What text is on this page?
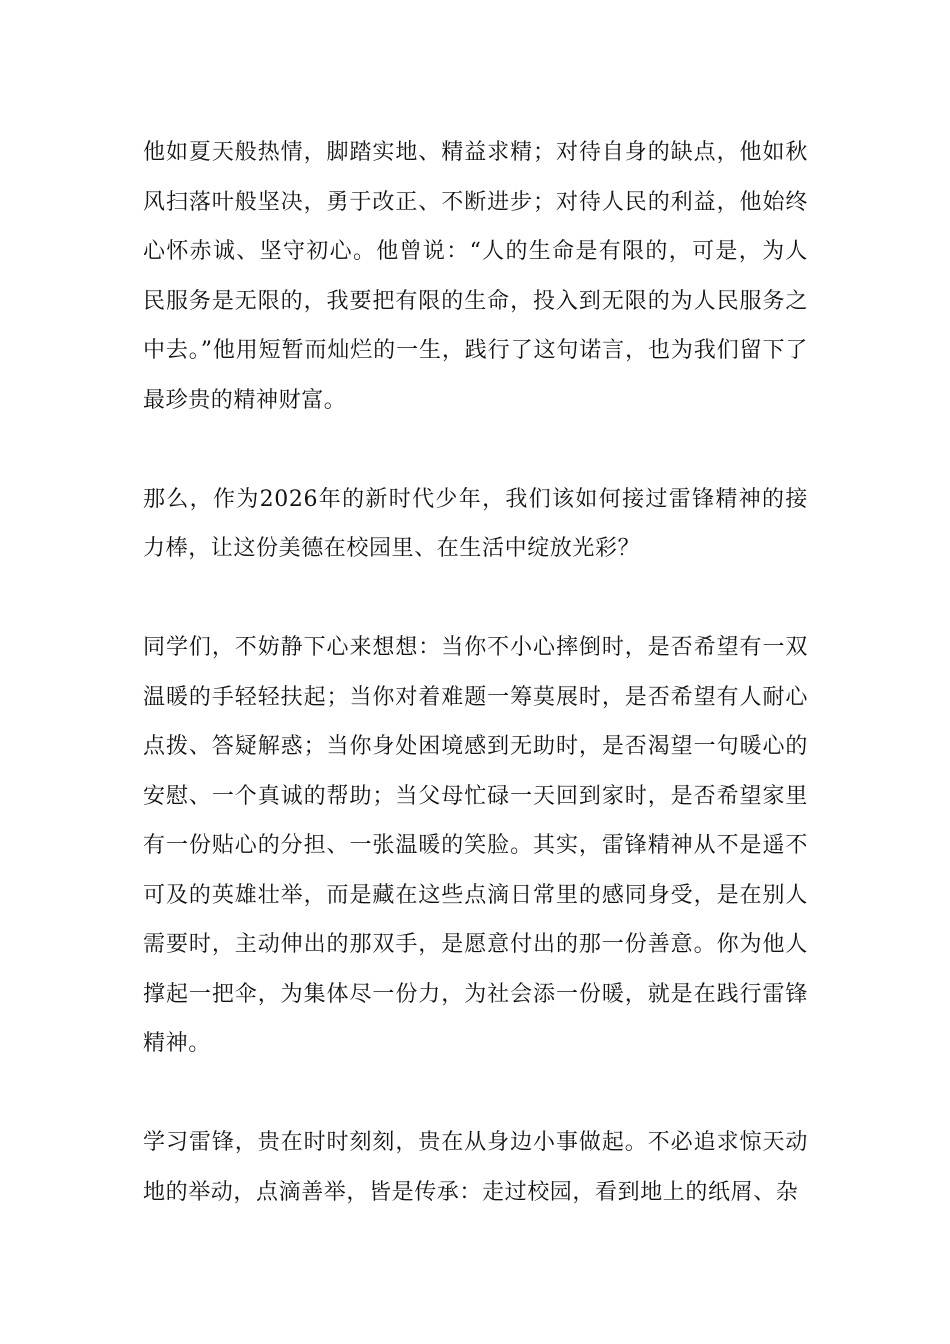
他如夏天般热情，脚踏实地、精益求精；对待自身的缺点，他如秋风扫落叶般坚决，勇于改正、不断进步；对待人民的利益，他始终心怀赤诚、坚守初心。他曾说：“人的生命是有限的，可是，为人民服务是无限的，我要把有限的生命，投入到无限的为人民服务之中去。”他用短暂而灿烂的一生，践行了这句诺言，也为我们留下了最珍贵的精神财富。

那么，作为2026年的新时代少年，我们该如何接过雷锋精神的接力棒，让这份美德在校园里、在生活中绽放光彩？

同学们，不妨静下心来想想：当你不小心摔倒时，是否希望有一双温暖的手轻轻扶起；当你对着难题一筹莫展时，是否希望有人耐心点拨、答疑解惑；当你身处困境感到无助时，是否渴望一句暖心的安慰、一个真诚的帮助；当父母忙碌一天回到家时，是否希望家里有一份贴心的分担、一张温暖的笑脸。其实，雷锋精神从不是遥不可及的英雄壮举，而是藏在这些点滴日常里的感同身受，是在别人需要时，主动伸出的那双手，是愿意付出的那一份善意。你为他人撑起一把伞，为集体尽一份力，为社会添一份暖，就是在践行雷锋精神。

学习雷锋，贵在时时刻刻，贵在从身边小事做起。不必追求惊天动地的举动，点滴善举，皆是传承：走过校园，看到地上的纸屑、杂
